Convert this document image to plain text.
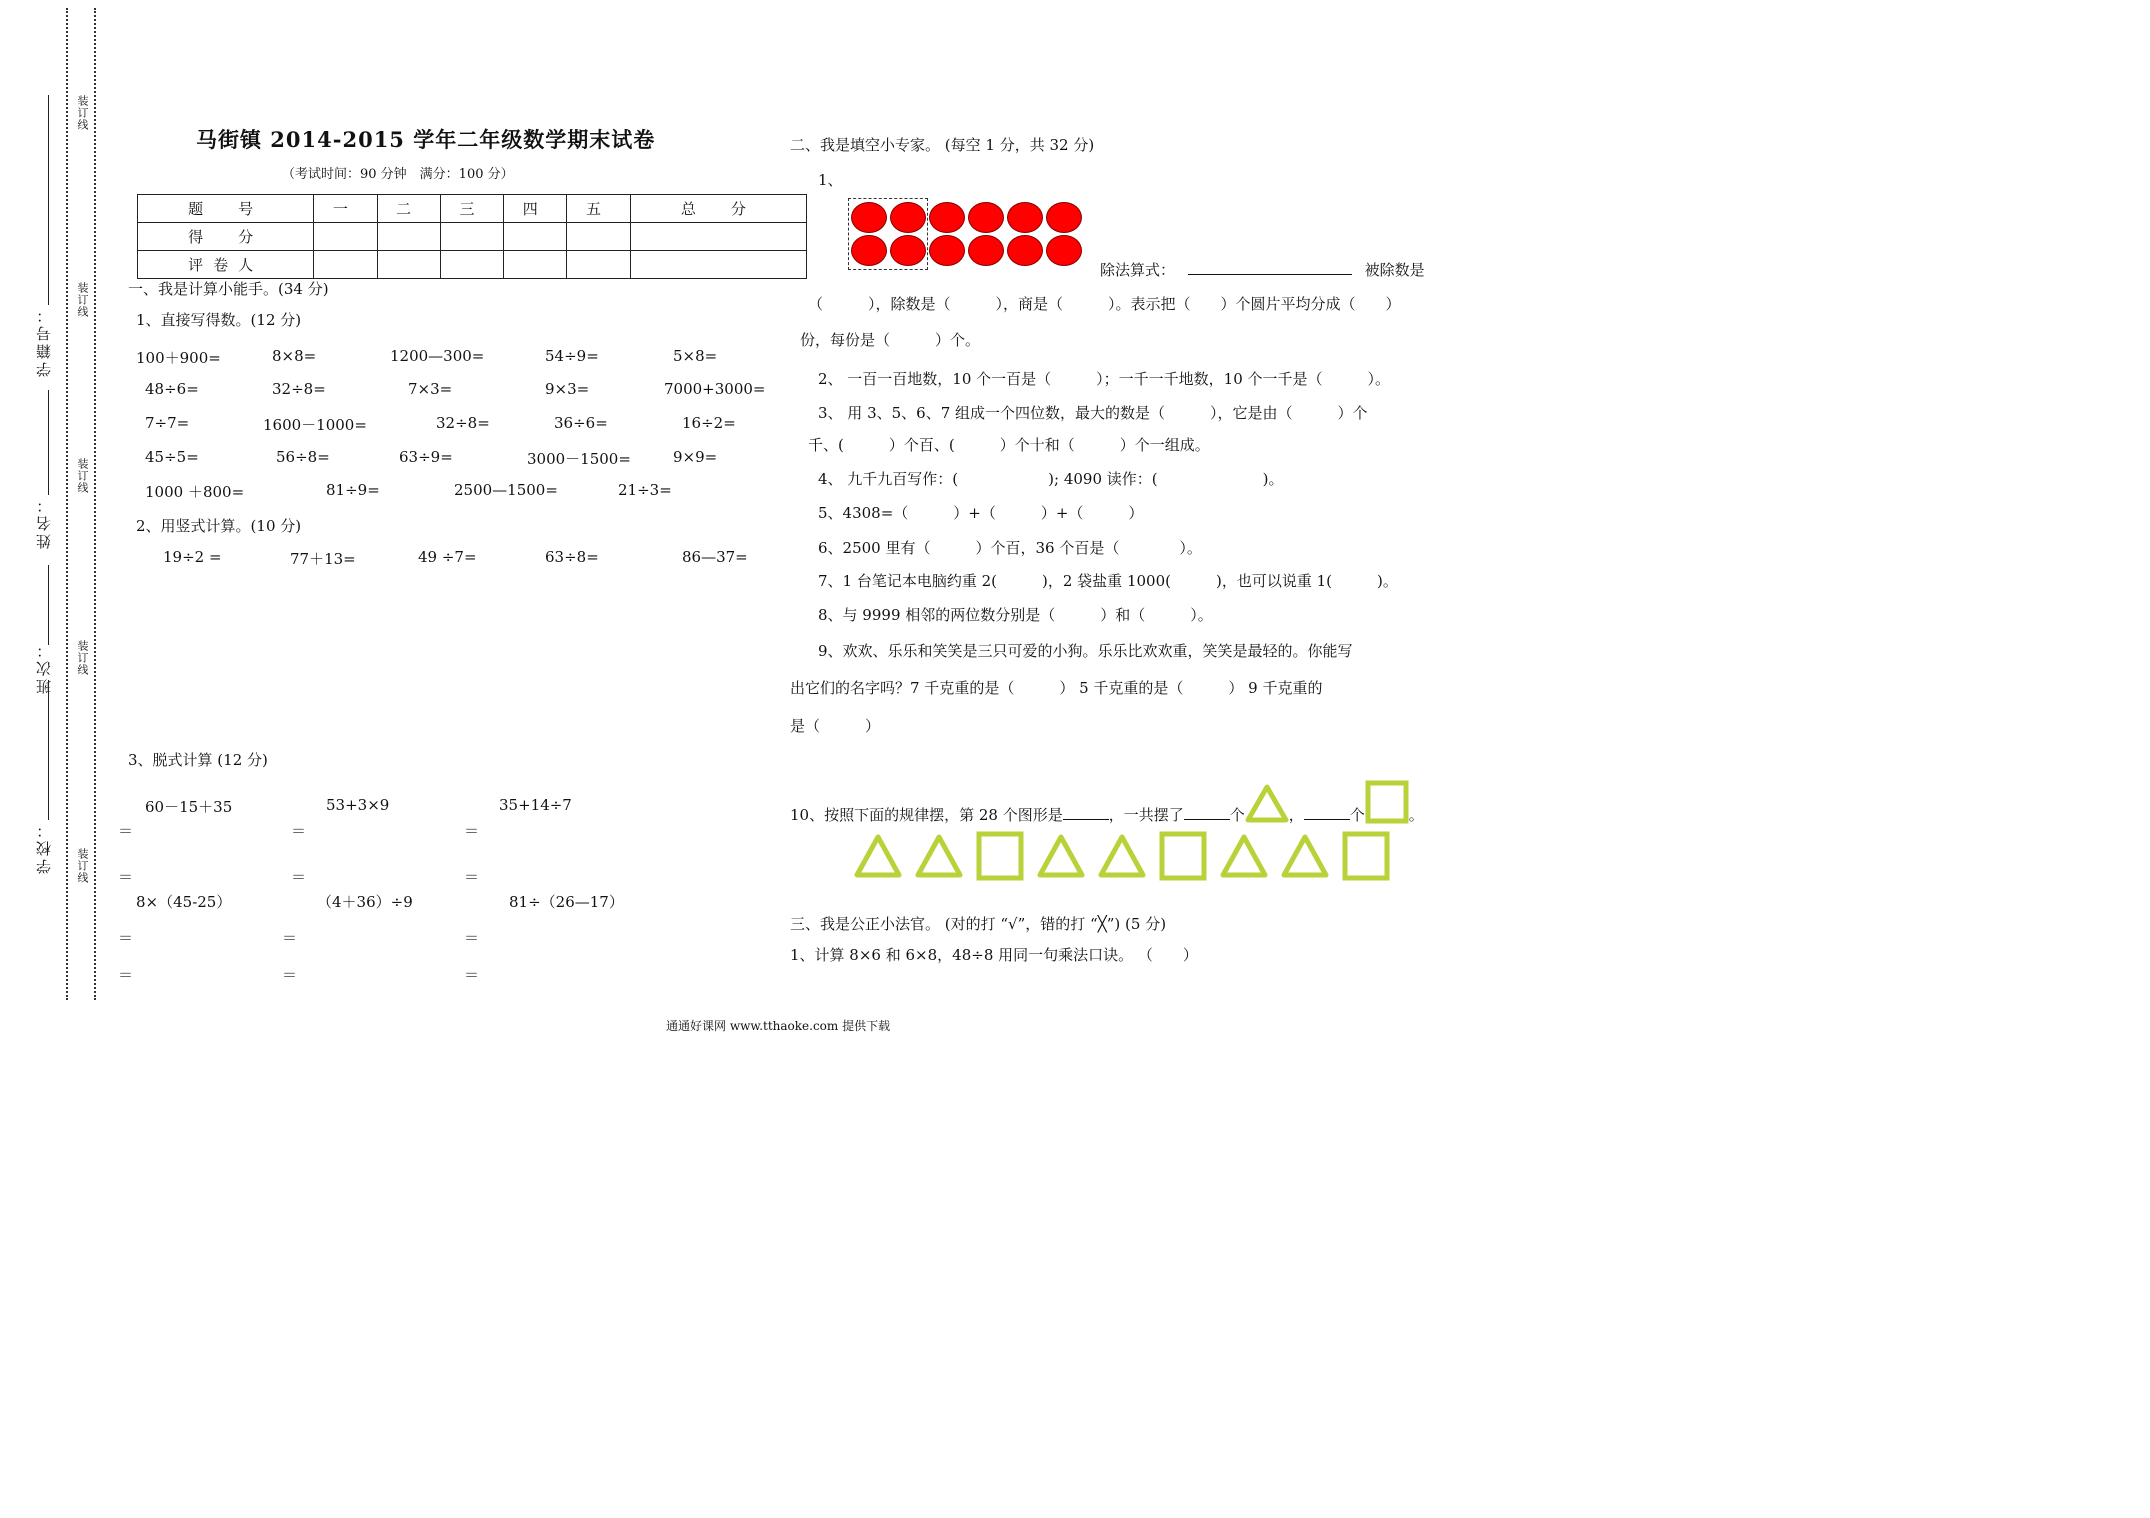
装订线
装订线
装订线
装订线
装订线
学籍号：
姓名：
班次：
学校：
马街镇 2014-2015 学年二年级数学期末试卷
（考试时间：90 分钟　满分：100 分）
题　号	一	二	三	四	五	总　分
得　分						
评卷人						
一、我是计算小能手。(34 分)
1、直接写得数。(12 分)
100＋900=	8×8=	1200—300=	54÷9=	5×8=
48÷6=	32÷8=	7×3=	9×3=	7000+3000=
7÷7=	1600－1000=	32÷8=	36÷6=	16÷2=
45÷5=	56÷8=	63÷9=	3000－1500=	9×9=
1000 ＋800=	81÷9=	2500—1500=	21÷3=
2、用竖式计算。(10 分)
19÷2 =	77＋13=	49 ÷7=	63÷8=	86—37=
3、脱式计算 (12 分)
60－15＋35	53+3×9	35+14÷7
＝	＝	＝
＝	＝	＝
8×（45-25）	（4＋36）÷9	81÷（26—17）
＝	＝	＝
＝	＝	＝
二、我是填空小专家。 (每空 1 分，共 32 分)
1、
除法算式：	被除数是
（　　　），除数是（　　　），商是（　　　）。表示把（　　）个圆片平均分成（　　）
份，每份是（　　　）个。
2、 一百一百地数，10 个一百是（　　　）；一千一千地数，10 个一千是（　　　）。
3、 用 3、5、6、7 组成一个四位数，最大的数是（　　　），它是由（　　　）个
千、(　　　）个百、(　　　）个十和（　　　）个一组成。
4、 九千九百写作：(　　　　　　); 4090 读作：(　　　　　　　)。
5、4308=（　　　）+（　　　）+（　　　）
6、2500 里有（　　　）个百，36 个百是（　　　　）。
7、1 台笔记本电脑约重 2(　　　)，2 袋盐重 1000(　　　)，也可以说重 1(　　　)。
8、与 9999 相邻的两位数分别是（　　　）和（　　　）。
9、欢欢、乐乐和笑笑是三只可爱的小狗。乐乐比欢欢重，笑笑是最轻的。你能写
出它们的名字吗？7 千克重的是（　　　） 5 千克重的是（　　　） 9 千克重的
是（　　　）
10、按照下面的规律摆，第 28 个图形是	，一共摆了	个	，	个	。
三、我是公正小法官。 (对的打 “√”，错的打 “╳”) (5 分)
1、计算 8×6 和 6×8，48÷8 用同一句乘法口诀。 （　　）
通通好课网 www.tthaoke.com 提供下载
